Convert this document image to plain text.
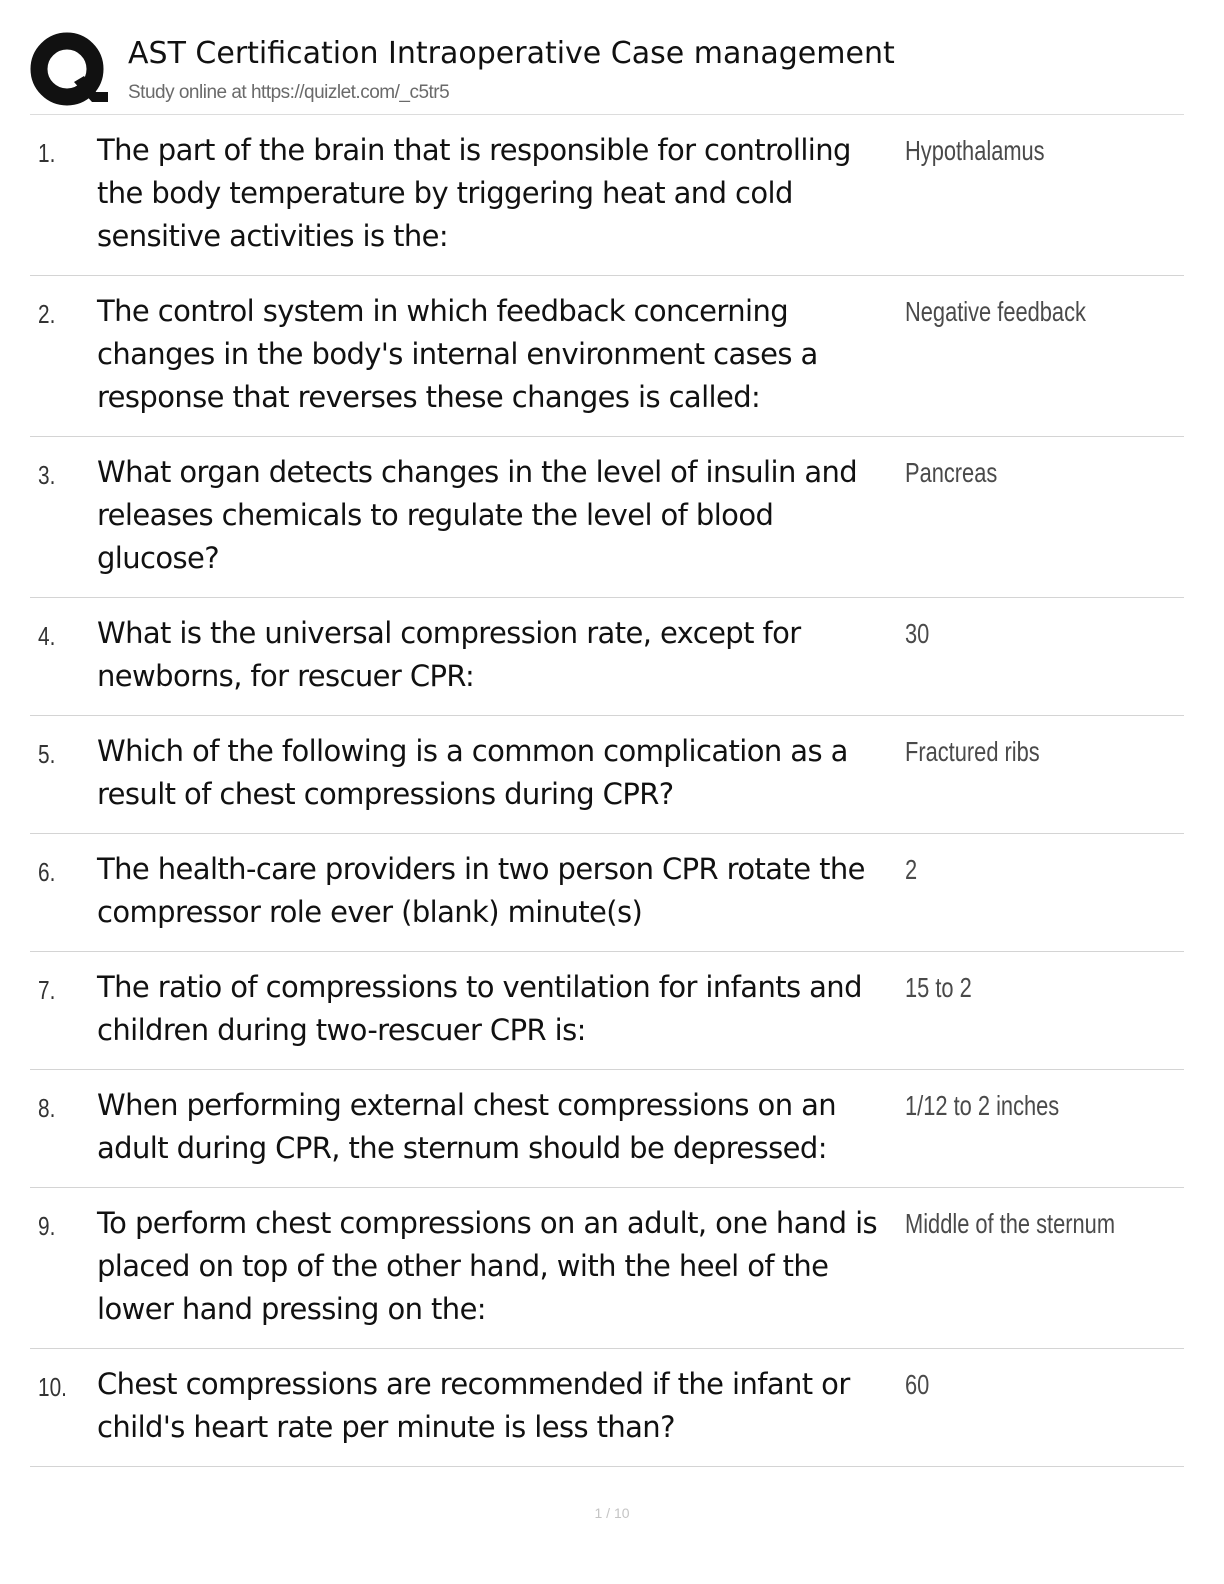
AST Certification Intraoperative Case management
Study online at https://quizlet.com/_c5tr5
1. The part of the brain that is responsible for controlling the body temperature by triggering heat and cold sensitive activities is the:
Hypothalamus
2. The control system in which feedback concerning changes in the body's internal environment cases a response that reverses these changes is called:
Negative feedback
3. What organ detects changes in the level of insulin and releases chemicals to regulate the level of blood glucose?
Pancreas
4. What is the universal compression rate, except for newborns, for rescuer CPR:
30
5. Which of the following is a common complication as a result of chest compressions during CPR?
Fractured ribs
6. The health-care providers in two person CPR rotate the compressor role ever (blank) minute(s)
2
7. The ratio of compressions to ventilation for infants and children during two-rescuer CPR is:
15 to 2
8. When performing external chest compressions on an adult during CPR, the sternum should be depressed:
1/12 to 2 inches
9. To perform chest compressions on an adult, one hand is placed on top of the other hand, with the heel of the lower hand pressing on the:
Middle of the sternum
10. Chest compressions are recommended if the infant or child's heart rate per minute is less than?
60
1 / 10
